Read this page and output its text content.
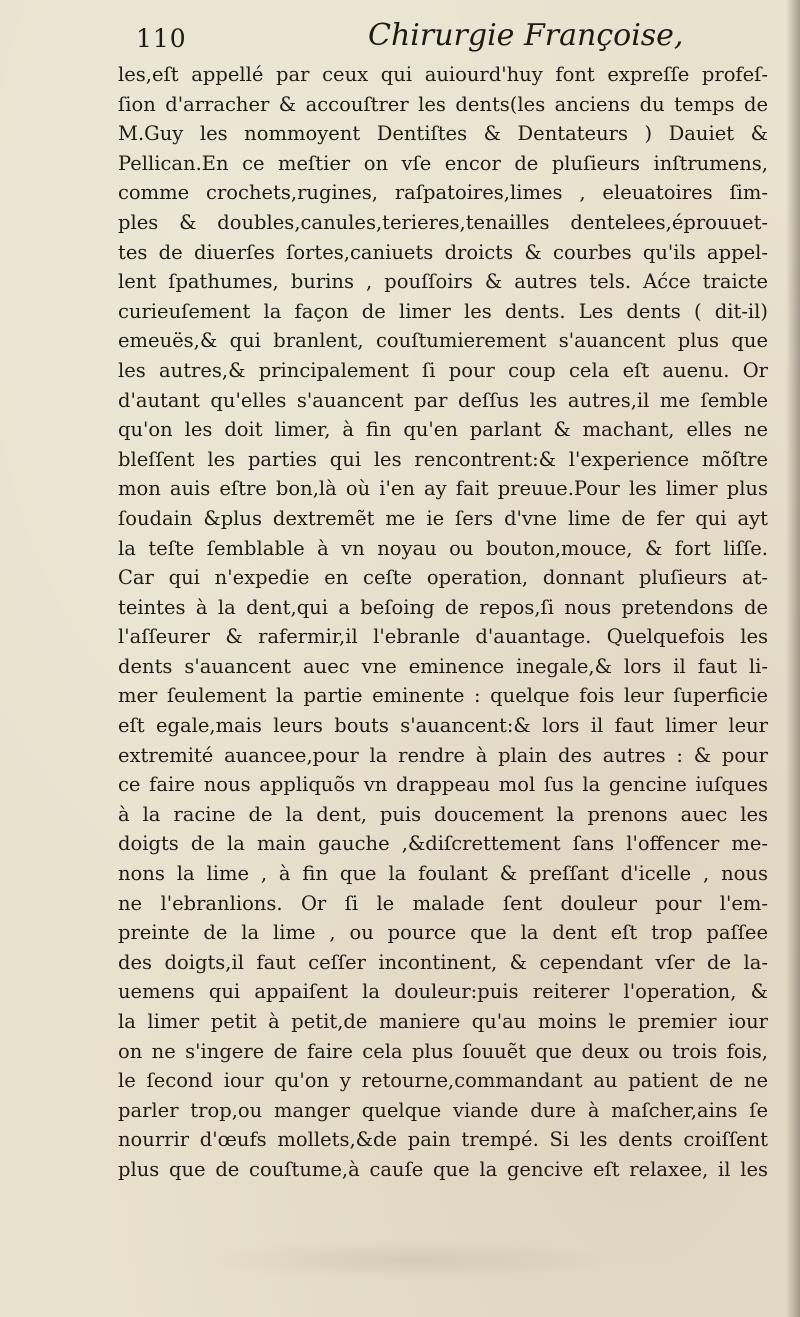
110	Chirurgie Françoise,
les,eſt appellé par ceux qui auiourd'huy font expreſſe profeſ-
ſion d'arracher & accouſtrer les dents(les anciens du temps de
M.Guy les nommoyent Dentiſtes & Dentateurs ) Dauiet &
Pellican.En ce meſtier on vſe encor de pluſieurs inſtrumens,
comme crochets,rugines, raſpatoires,limes , eleuatoires ſim-
ples & doubles,canules,terieres,tenailles dentelees,éprouuet-
tes de diuerſes ſortes,caniuets droicts & courbes qu'ils appel-
lent ſpathumes, burins , pouſſoirs & autres tels. Aćce traicte
curieuſement la façon de limer les dents. Les dents ( dit-il)
emeuës,& qui branlent, couſtumierement s'auancent plus que
les autres,& principalement ſi pour coup cela eſt auenu. Or
d'autant qu'elles s'auancent par deſſus les autres,il me ſemble
qu'on les doit limer, à fin qu'en parlant & machant, elles ne
bleſſent les parties qui les rencontrent:& l'experience mõſtre
mon auis eſtre bon,là où i'en ay fait preuue.Pour les limer plus
ſoudain &plus dextremẽt me ie ſers d'vne lime de fer qui ayt
la teſte ſemblable à vn noyau ou bouton,mouce, & fort liſſe.
Car qui n'expedie en ceſte operation, donnant pluſieurs at-
teintes à la dent,qui a beſoing de repos,ſi nous pretendons de
l'aſſeurer & rafermir,il l'ebranle d'auantage. Quelquefois les
dents s'auancent auec vne eminence inegale,& lors il faut li-
mer ſeulement la partie eminente : quelque fois leur ſuperficie
eſt egale,mais leurs bouts s'auancent:& lors il faut limer leur
extremité auancee,pour la rendre à plain des autres : & pour
ce faire nous appliquõs vn drappeau mol ſus la gencine iuſques
à la racine de la dent, puis doucement la prenons auec les
doigts de la main gauche ,&diſcrettement ſans l'offencer me-
nons la lime , à fin que la foulant & preſſant d'icelle , nous
ne l'ebranlions. Or ſi le malade ſent douleur pour l'em-
preinte de la lime , ou pource que la dent eſt trop paſſee
des doigts,il faut ceſſer incontinent, & cependant vſer de la-
uemens qui appaiſent la douleur:puis reiterer l'operation, &
la limer petit à petit,de maniere qu'au moins le premier iour
on ne s'ingere de faire cela plus ſouuẽt que deux ou trois fois,
le ſecond iour qu'on y retourne,commandant au patient de ne
parler trop,ou manger quelque viande dure à maſcher,ains ſe
nourrir d'œufs mollets,&de pain trempé. Si les dents croiſſent
plus que de couſtume,à cauſe que la gencive eſt relaxee, il les
